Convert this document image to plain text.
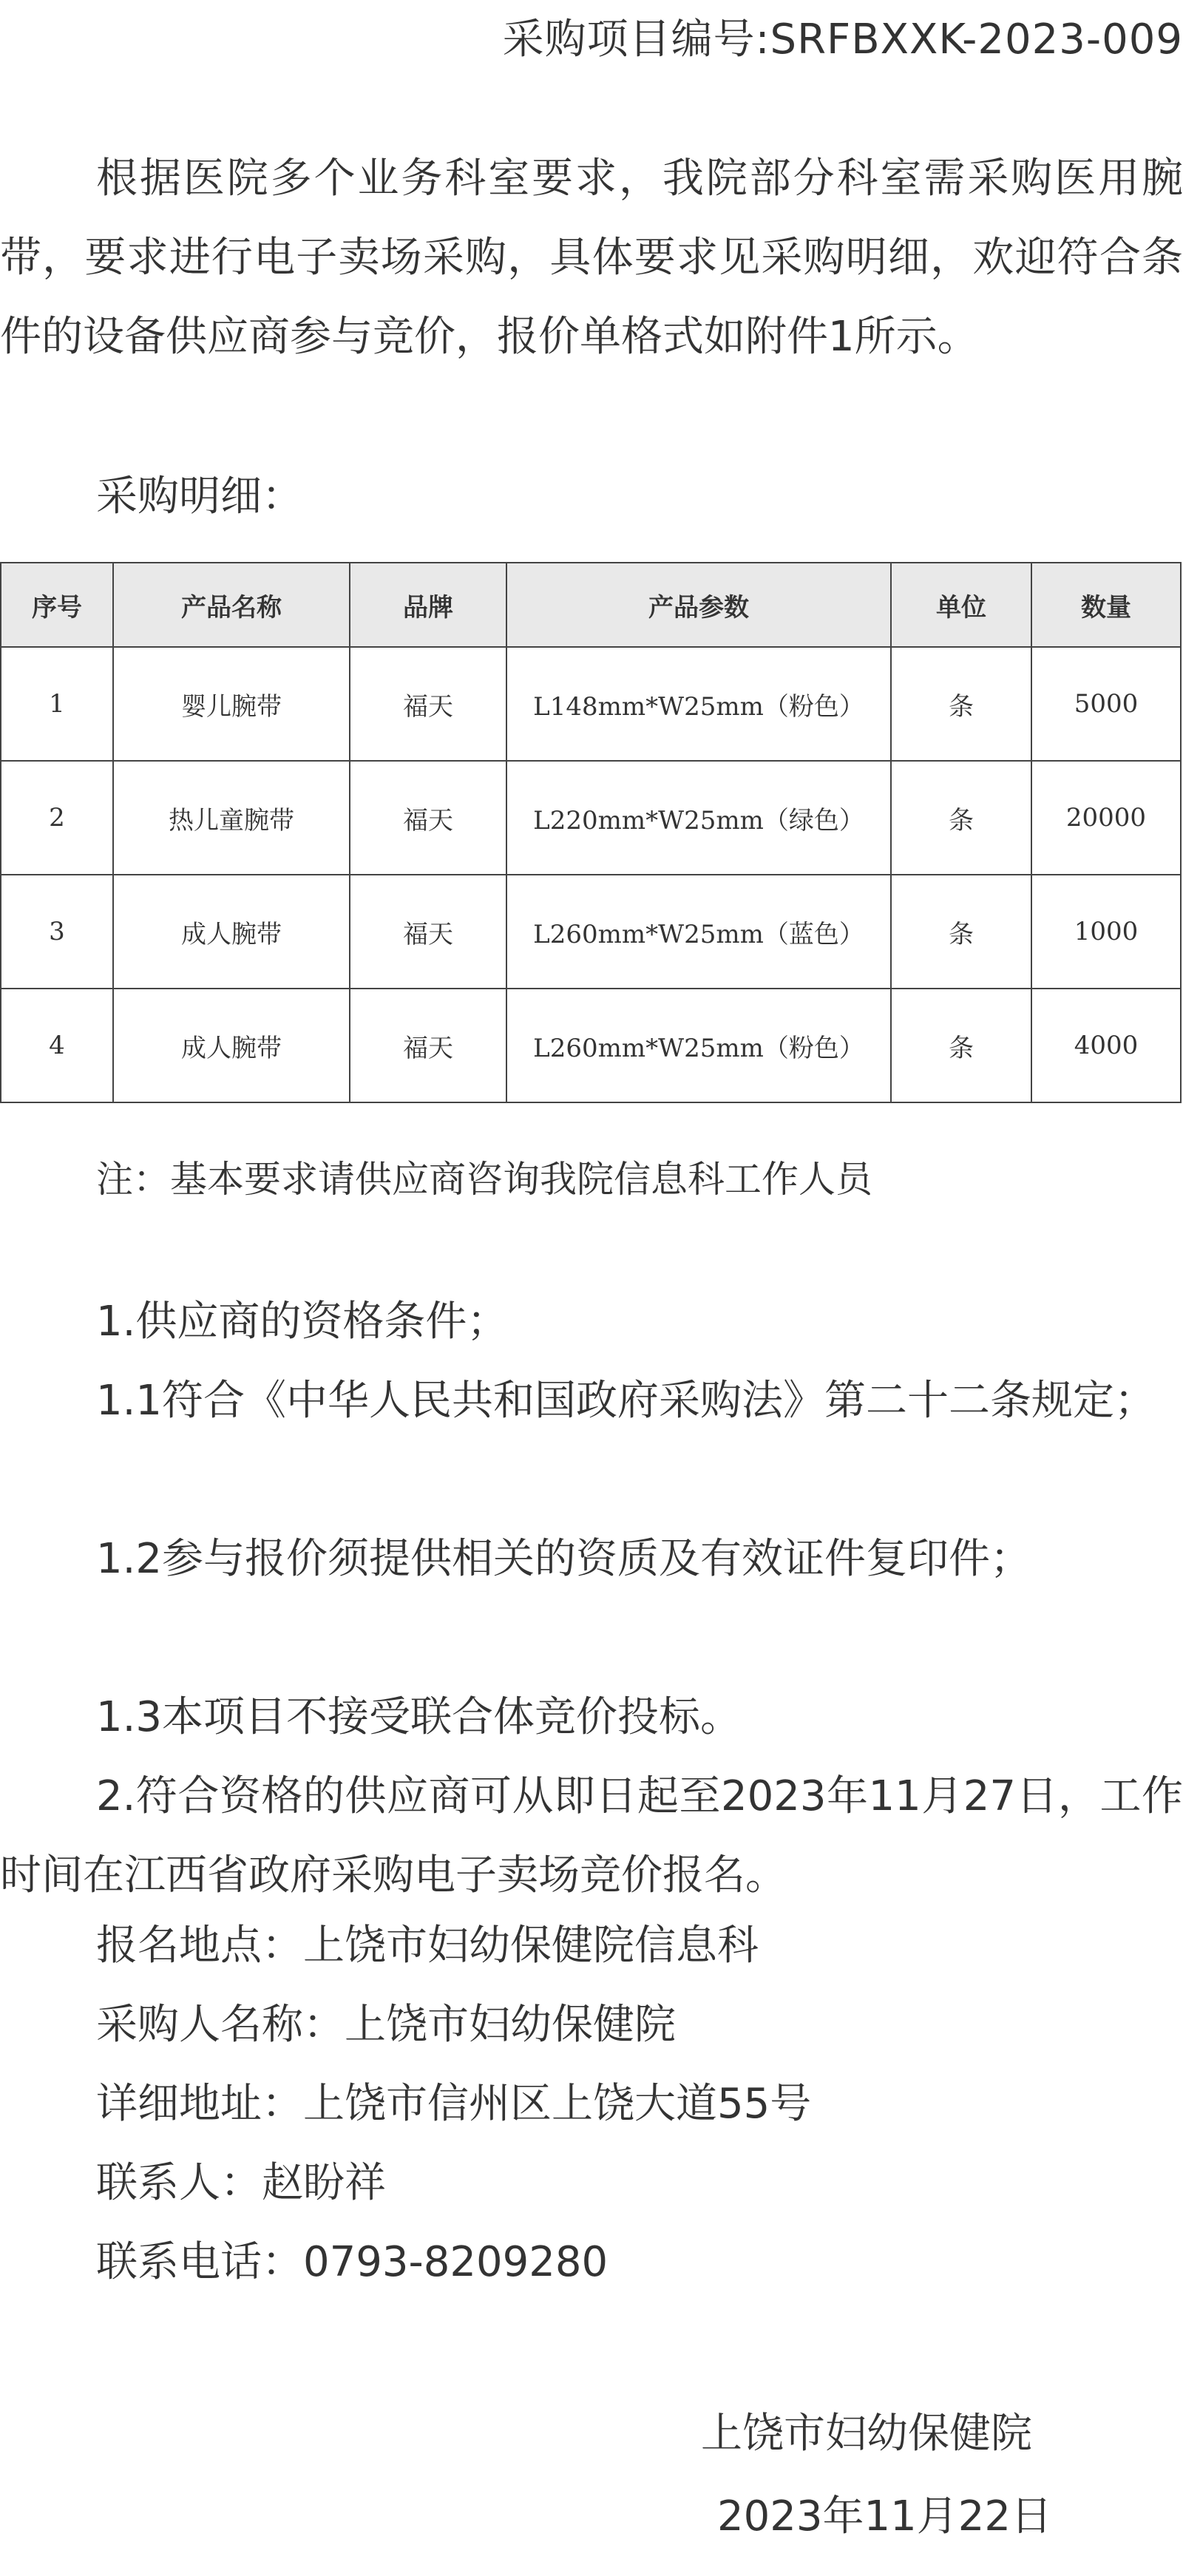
采购项目编号:SRFBXXK-2023-009

根据医院多个业务科室要求，我院部分科室需采购医用腕带，要求进行电子卖场采购，具体要求见采购明细，欢迎符合条件的设备供应商参与竞价，报价单格式如附件1所示。

采购明细：

序号	产品名称	品牌	产品参数	单位	数量
1	婴儿腕带	福天	L148mm*W25mm（粉色）	条	5000
2	热儿童腕带	福天	L220mm*W25mm（绿色）	条	20000
3	成人腕带	福天	L260mm*W25mm（蓝色）	条	1000
4	成人腕带	福天	L260mm*W25mm（粉色）	条	4000
注：基本要求请供应商咨询我院信息科工作人员

1.供应商的资格条件；

1.1符合《中华人民共和国政府采购法》第二十二条规定；

1.2参与报价须提供相关的资质及有效证件复印件；

1.3本项目不接受联合体竞价投标。

2.符合资格的供应商可从即日起至2023年11月27日，工作时间在江西省政府采购电子卖场竞价报名。

报名地点：上饶市妇幼保健院信息科

采购人名称：上饶市妇幼保健院

详细地址：上饶市信州区上饶大道55号

联系人：赵盼祥

联系电话：0793-8209280

上饶市妇幼保健院
2023年11月22日
